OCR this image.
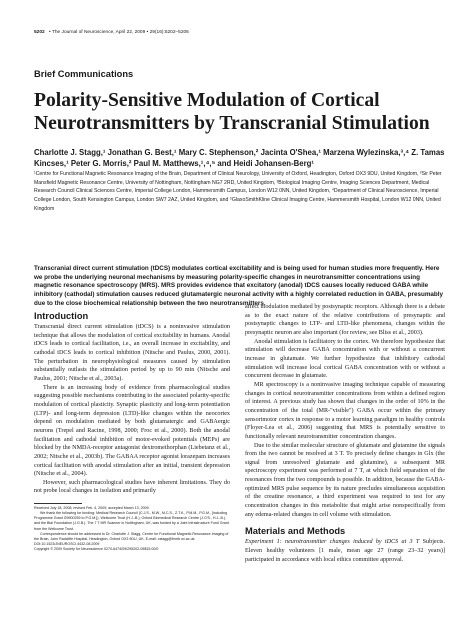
5202 • The Journal of Neuroscience, April 22, 2009 • 29(16):5202–5206
Brief Communications
Polarity-Sensitive Modulation of Cortical Neurotransmitters by Transcranial Stimulation
Charlotte J. Stagg,¹ Jonathan G. Best,¹ Mary C. Stephenson,² Jacinta O'Shea,¹ Marzena Wylezinska,³,⁴ Z. Tamas Kincses,¹ Peter G. Morris,² Paul M. Matthews,¹,⁴,⁵ and Heidi Johansen-Berg¹
¹Centre for Functional Magnetic Resonance Imaging of the Brain, Department of Clinical Neurology, University of Oxford, Headington, Oxford OX3 9DU, United Kingdom, ²Sir Peter Mansfield Magnetic Resonance Centre, University of Nottingham, Nottingham NG7 2RD, United Kingdom, ³Biological Imaging Centre, Imaging Sciences Department, Medical Research Council Clinical Sciences Centre, Imperial College London, Hammersmith Campus, London W12 0NN, United Kingdom, ⁴Department of Clinical Neuroscience, Imperial College London, South Kensington Campus, London SW7 2AZ, United Kingdom, and ⁵GlaxoSmithKline Clinical Imaging Centre, Hammersmith Hospital, London W12 0NN, United Kingdom
Transcranial direct current stimulation (tDCS) modulates cortical excitability and is being used for human studies more frequently. Here we probe the underlying neuronal mechanisms by measuring polarity-specific changes in neurotransmitter concentrations using magnetic resonance spectroscopy (MRS). MRS provides evidence that excitatory (anodal) tDCS causes locally reduced GABA while inhibitory (cathodal) stimulation causes reduced glutamatergic neuronal activity with a highly correlated reduction in GABA, presumably due to the close biochemical relationship between the two neurotransmitters.
Introduction

Transcranial direct current stimulation (tDCS) is a noninvasive stimulation technique that allows the modulation of cortical excitability in humans. Anodal tDCS leads to cortical facilitation, i.e., an overall increase in excitability, and cathodal tDCS leads to cortical inhibition (Nitsche and Paulus, 2000, 2001). The perturbation in neurophysiological measures caused by stimulation substantially outlasts the stimulation period by up to 90 min (Nitsche and Paulus, 2001; Nitsche et al., 2003a).

There is an increasing body of evidence from pharmacological studies suggesting possible mechanisms contributing to the associated polarity-specific modulation of cortical plasticity. Synaptic plasticity and long-term potentiation (LTP)- and long-term depression (LTD)-like changes within the neocortex depend on modulation mediated by both glutamatergic and GABAergic neurons (Trepel and Racine, 1998, 2000; Froc et al., 2000). Both the anodal facilitation and cathodal inhibition of motor-evoked potentials (MEPs) are blocked by the NMDA-receptor antagonist dextromethorphan (Liebetanz et al., 2002; Nitsche et al., 2003b). The GABAA receptor agonist lorazepam increases cortical facilitation with anodal stimulation after an initial, transient depression (Nitsche et al., 2004).

However, such pharmacological studies have inherent limitations. They do not probe local changes in isolation and primarily

Received July 18, 2008; revised Feb. 4, 2009; accepted March 13, 2009.
We thank the following for funding: Medical Research Council (C.J.S., M.W., M.C.S., Z.T.K., P.M.M., P.G.M., [including Programme Grant G9900259 to P.G.M.]), Wellcome Trust (H.J.-B.), Oxford Biomedical Research Centre (J.O'S., H.J.-B.), and the Bial Foundation (J.G.B.). The 7 T MR Scanner in Nottingham, UK, was funded by a Joint Infrastructure Fund Grant from the Wellcome Trust.
Correspondence should be addressed to Dr. Charlotte J. Stagg, Centre for Functional Magnetic Resonance Imaging of the Brain, John Radcliffe Hospital, Headington, Oxford OX3 9DU, UK. E-mail: cstagg@fmrib.ox.ac.uk.
DOI:10.1523/JNEUROSCI.4432-08.2009
Copyright © 2009 Society for Neuroscience 0270-6474/09/295202-05$15.00/0

affect modulation mediated by postsynaptic receptors. Although there is a debate as to the exact nature of the relative contributions of presynaptic and postsynaptic changes to LTP- and LTD-like phenomena, changes within the presynaptic neuron are also important (for review, see Bliss et al., 2003).

Anodal stimulation is facilitatory to the cortex. We therefore hypothesize that stimulation will decrease GABA concentration with or without a concurrent increase in glutamate. We further hypothesize that inhibitory cathodal stimulation will increase local cortical GABA concentration with or without a concurrent decrease in glutamate.

MR spectroscopy is a noninvasive imaging technique capable of measuring changes in cortical neurotransmitter concentrations from within a defined region of interest. A previous study has shown that changes in the order of 10% in the concentration of the total (MR-"visible") GABA occur within the primary sensorimotor cortex in response to a motor learning paradigm in healthy controls (Floyer-Lea et al., 2006) suggesting that MRS is potentially sensitive to functionally relevant neurotransmitter concentration changes.

Due to the similar molecular structure of glutamate and glutamine the signals from the two cannot be resolved at 3 T. To precisely define changes in Glx (the signal from unresolved glutamate and glutamine), a subsequent MR spectroscopy experiment was performed at 7 T, at which field separation of the resonances from the two compounds is possible. In addition, because the GABA-optimized MRS pulse sequence by its nature precludes simultaneous acquisition of the creatine resonance, a third experiment was required to test for any concentration changes in this metabolite that might arise nonspecifically from any edema-related changes in cell volume with stimulation.

Materials and Methods

Experiment 1: neurotransmitter changes induced by tDCS at 3 T Subjects. Eleven healthy volunteers [1 male, mean age 27 (range 23–32 years)] participated in accordance with local ethics committee approval.
